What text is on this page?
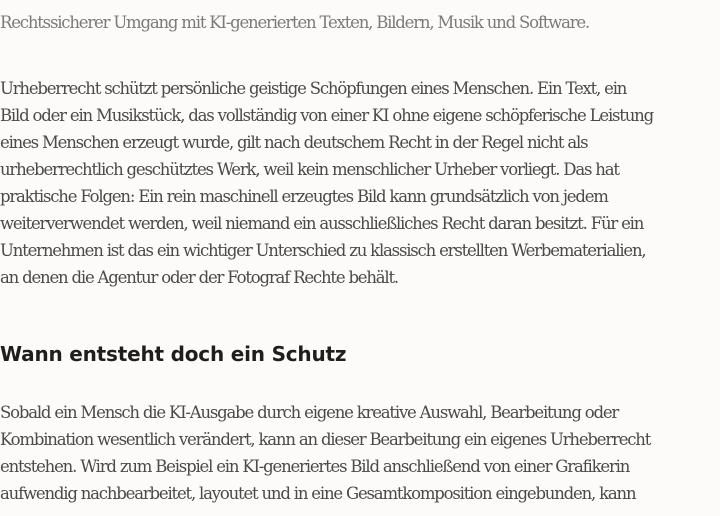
Rechtssicherer Umgang mit KI-generierten Texten, Bildern, Musik und Software.

Urheberrecht schützt persönliche geistige Schöpfungen eines Menschen. Ein Text, ein
Bild oder ein Musikstück, das vollständig von einer KI ohne eigene schöpferische Leistung
eines Menschen erzeugt wurde, gilt nach deutschem Recht in der Regel nicht als
urheberrechtlich geschütztes Werk, weil kein menschlicher Urheber vorliegt. Das hat
praktische Folgen: Ein rein maschinell erzeugtes Bild kann grundsätzlich von jedem
weiterverwendet werden, weil niemand ein ausschließliches Recht daran besitzt. Für ein
Unternehmen ist das ein wichtiger Unterschied zu klassisch erstellten Werbematerialien,
an denen die Agentur oder der Fotograf Rechte behält.

Wann entsteht doch ein Schutz

Sobald ein Mensch die KI-Ausgabe durch eigene kreative Auswahl, Bearbeitung oder
Kombination wesentlich verändert, kann an dieser Bearbeitung ein eigenes Urheberrecht
entstehen. Wird zum Beispiel ein KI-generiertes Bild anschließend von einer Grafikerin
aufwendig nachbearbeitet, layoutet und in eine Gesamtkomposition eingebunden, kann
